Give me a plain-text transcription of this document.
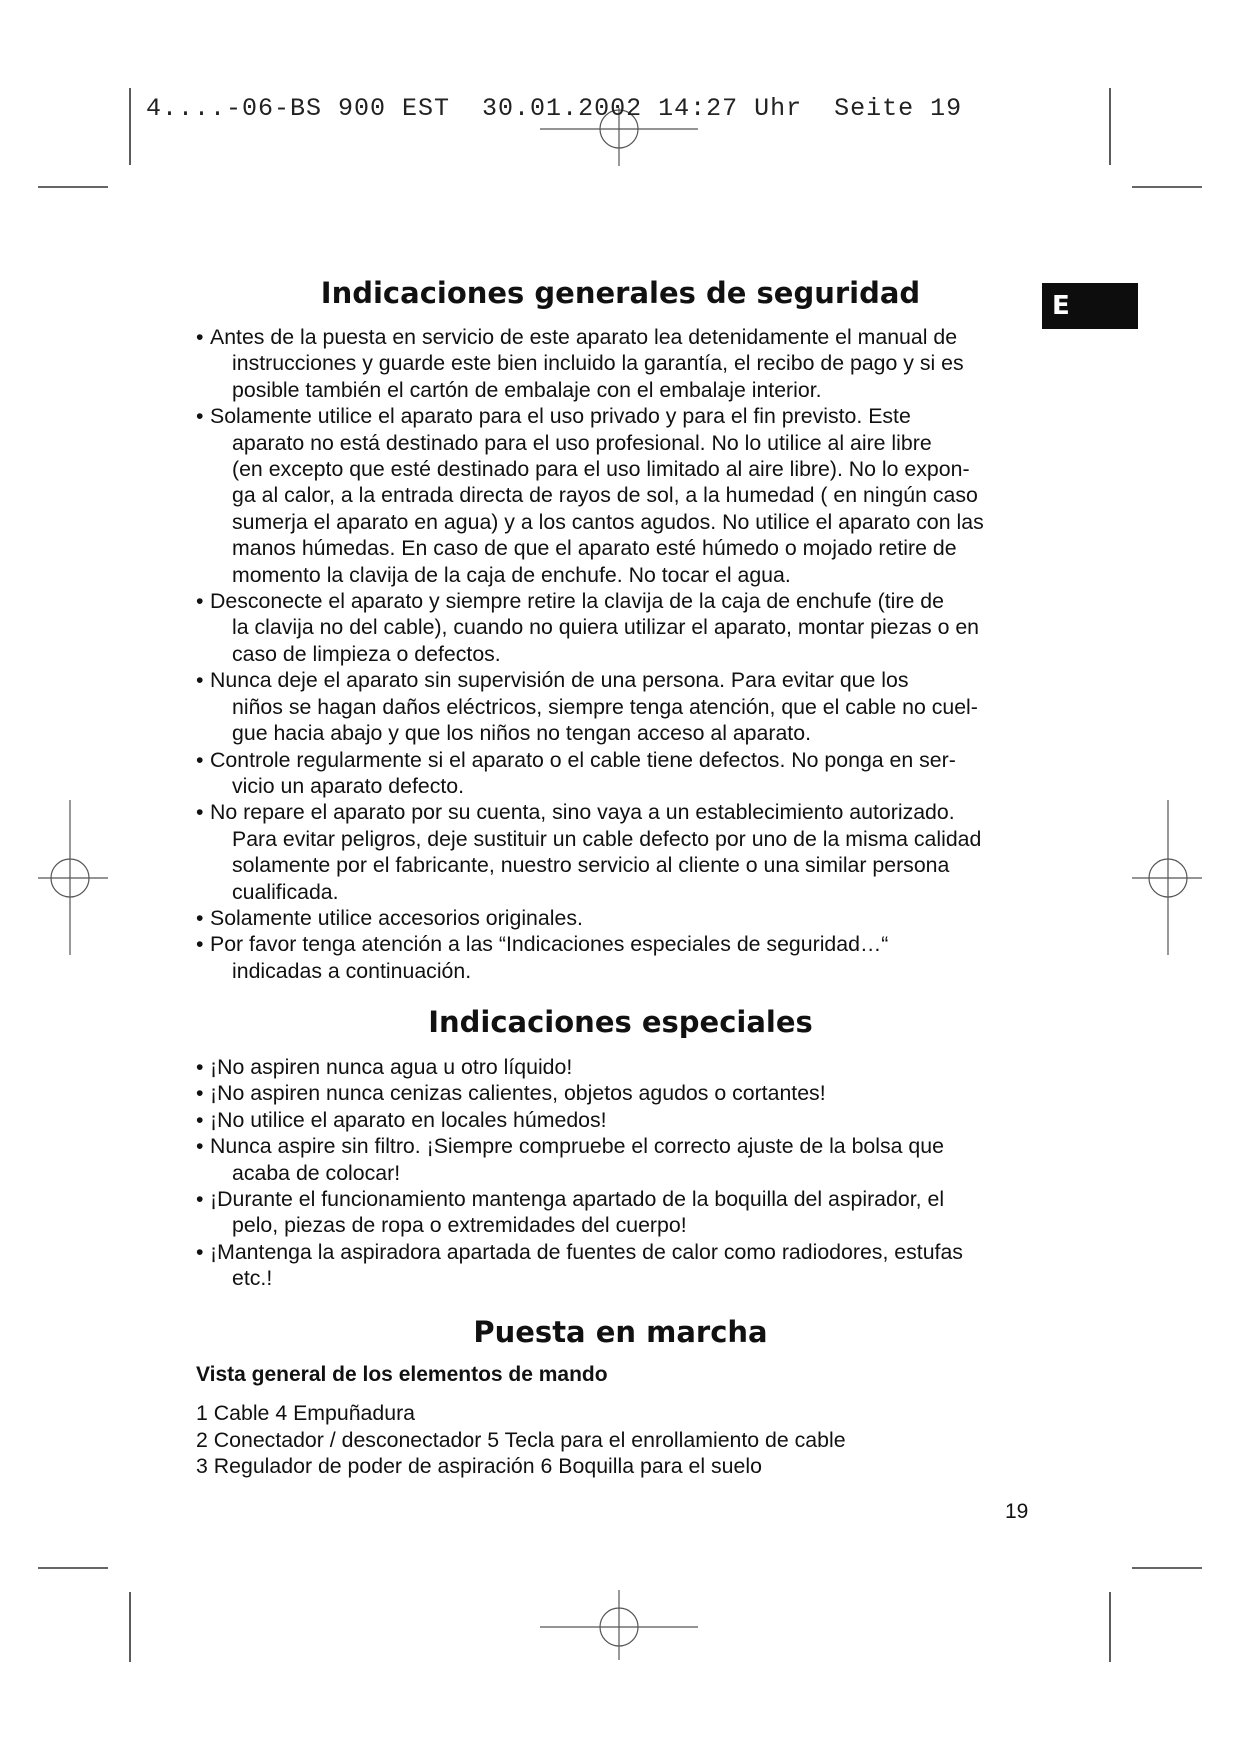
4....-06-BS 900 EST  30.01.2002 14:27 Uhr  Seite 19
E
Indicaciones generales de seguridad
• Antes de la puesta en servicio de este aparato lea detenidamente el manual de
instrucciones y guarde este bien incluido la garantía, el recibo de pago y si es
posible también el cartón de embalaje con el embalaje interior.
• Solamente utilice el aparato para el uso privado y para el fin previsto. Este
aparato no está destinado para el uso profesional. No lo utilice al aire libre
(en excepto que esté destinado para el uso limitado al aire libre). No lo expon-
ga al calor, a la entrada directa de rayos de sol, a la humedad ( en ningún caso
sumerja el aparato en agua) y a los cantos agudos. No utilice el aparato con las
manos húmedas. En caso de que el aparato esté húmedo o mojado retire de
momento la clavija de la caja de enchufe. No tocar el agua.
• Desconecte el aparato y siempre retire la clavija de la caja de enchufe (tire de
la clavija no del cable), cuando no quiera utilizar el aparato, montar piezas o en
caso de limpieza o defectos.
• Nunca deje el aparato sin supervisión de una persona. Para evitar que los
niños se hagan daños eléctricos, siempre tenga atención, que el cable no cuel-
gue hacia abajo y que los niños no tengan acceso al aparato.
• Controle regularmente si el aparato o el cable tiene defectos. No ponga en ser-
vicio un aparato defecto.
• No repare el aparato por su cuenta, sino vaya a un establecimiento autorizado.
Para evitar peligros, deje sustituir un cable defecto por uno de la misma calidad
solamente por el fabricante, nuestro servicio al cliente o una similar persona
cualificada.
• Solamente utilice accesorios originales.
• Por favor tenga atención a las “Indicaciones especiales de seguridad…“
indicadas a continuación.
Indicaciones especiales
• ¡No aspiren nunca agua u otro líquido!
• ¡No aspiren nunca cenizas calientes, objetos agudos o cortantes!
• ¡No utilice el aparato en locales húmedos!
• Nunca aspire sin filtro. ¡Siempre compruebe el correcto ajuste de la bolsa que
acaba de colocar!
• ¡Durante el funcionamiento mantenga apartado de la boquilla del aspirador, el
pelo, piezas de ropa o extremidades del cuerpo!
• ¡Mantenga la aspiradora apartada de fuentes de calor como radiodores, estufas
etc.!
Puesta en marcha
Vista general de los elementos de mando
1 Cable 4 Empuñadura
2 Conectador / desconectador 5 Tecla para el enrollamiento de cable
3 Regulador de poder de aspiración 6 Boquilla para el suelo
19
